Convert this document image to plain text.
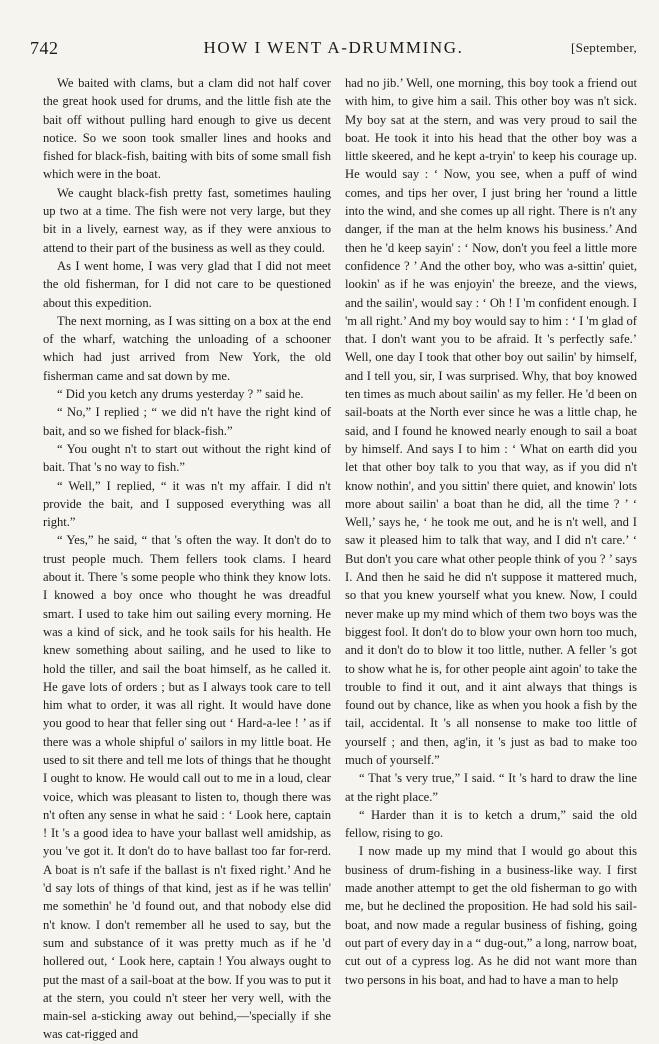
742	HOW I WENT A-DRUMMING.	[September,

We baited with clams, but a clam did not half cover the great hook used for drums, and the little fish ate the bait off without pulling hard enough to give us decent notice. So we soon took smaller lines and hooks and fished for black-fish, baiting with bits of some small fish which were in the boat.

We caught black-fish pretty fast, sometimes hauling up two at a time. The fish were not very large, but they bit in a lively, earnest way, as if they were anxious to attend to their part of the business as well as they could.

As I went home, I was very glad that I did not meet the old fisherman, for I did not care to be questioned about this expedition.

The next morning, as I was sitting on a box at the end of the wharf, watching the unloading of a schooner which had just arrived from New York, the old fisherman came and sat down by me.

“ Did you ketch any drums yesterday ? ” said he.

“ No,” I replied ; “ we did n't have the right kind of bait, and so we fished for black-fish.”

“ You ought n't to start out without the right kind of bait. That 's no way to fish.”

“ Well,” I replied, “ it was n't my affair. I did n't provide the bait, and I supposed everything was all right.”

“ Yes,” he said, “ that 's often the way. It don't do to trust people much. Them fellers took clams. I heard about it. There 's some people who think they know lots. I knowed a boy once who thought he was dreadful smart. I used to take him out sailing every morning. He was a kind of sick, and he took sails for his health. He knew something about sailing, and he used to like to hold the tiller, and sail the boat himself, as he called it. He gave lots of orders ; but as I always took care to tell him what to order, it was all right. It would have done you good to hear that feller sing out ‘ Hard-a-lee ! ’ as if there was a whole shipful o' sailors in my little boat. He used to sit there and tell me lots of things that he thought I ought to know. He would call out to me in a loud, clear voice, which was pleasant to listen to, though there was n't often any sense in what he said : ‘ Look here, captain ! It 's a good idea to have your ballast well amidship, as you 've got it. It don't do to have ballast too far for-rerd. A boat is n't safe if the ballast is n't fixed right.’ And he 'd say lots of things of that kind, jest as if he was tellin' me somethin' he 'd found out, and that nobody else did n't know. I don't remember all he used to say, but the sum and substance of it was pretty much as if he 'd hollered out, ‘ Look here, captain ! You always ought to put the mast of a sail-boat at the bow. If you was to put it at the stern, you could n't steer her very well, with the main-sel a-sticking away out behind,—'specially if she was cat-rigged and

had no jib.’ Well, one morning, this boy took a friend out with him, to give him a sail. This other boy was n't sick. My boy sat at the stern, and was very proud to sail the boat. He took it into his head that the other boy was a little skeered, and he kept a-tryin' to keep his courage up. He would say : ‘ Now, you see, when a puff of wind comes, and tips her over, I just bring her 'round a little into the wind, and she comes up all right. There is n't any danger, if the man at the helm knows his business.’ And then he 'd keep sayin' : ‘ Now, don't you feel a little more confidence ? ’ And the other boy, who was a-sittin' quiet, lookin' as if he was enjoyin' the breeze, and the views, and the sailin', would say : ‘ Oh ! I 'm confident enough. I 'm all right.’ And my boy would say to him : ‘ I 'm glad of that. I don't want you to be afraid. It 's perfectly safe.’ Well, one day I took that other boy out sailin' by himself, and I tell you, sir, I was surprised. Why, that boy knowed ten times as much about sailin' as my feller. He 'd been on sail-boats at the North ever since he was a little chap, he said, and I found he knowed nearly enough to sail a boat by himself. And says I to him : ‘ What on earth did you let that other boy talk to you that way, as if you did n't know nothin', and you sittin' there quiet, and knowin' lots more about sailin' a boat than he did, all the time ? ’ ‘ Well,’ says he, ‘ he took me out, and he is n't well, and I saw it pleased him to talk that way, and I did n't care.’ ‘ But don't you care what other people think of you ? ’ says I. And then he said he did n't suppose it mattered much, so that you knew yourself what you knew. Now, I could never make up my mind which of them two boys was the biggest fool. It don't do to blow your own horn too much, and it don't do to blow it too little, nuther. A feller 's got to show what he is, for other people aint agoin' to take the trouble to find it out, and it aint always that things is found out by chance, like as when you hook a fish by the tail, accidental. It 's all nonsense to make too little of yourself ; and then, ag'in, it 's just as bad to make too much of yourself.”

“ That 's very true,” I said. “ It 's hard to draw the line at the right place.”

“ Harder than it is to ketch a drum,” said the old fellow, rising to go.

I now made up my mind that I would go about this business of drum-fishing in a business-like way. I first made another attempt to get the old fisherman to go with me, but he declined the proposition. He had sold his sail-boat, and now made a regular business of fishing, going out part of every day in a “ dug-out,” a long, narrow boat, cut out of a cypress log. As he did not want more than two persons in his boat, and had to have a man to help
